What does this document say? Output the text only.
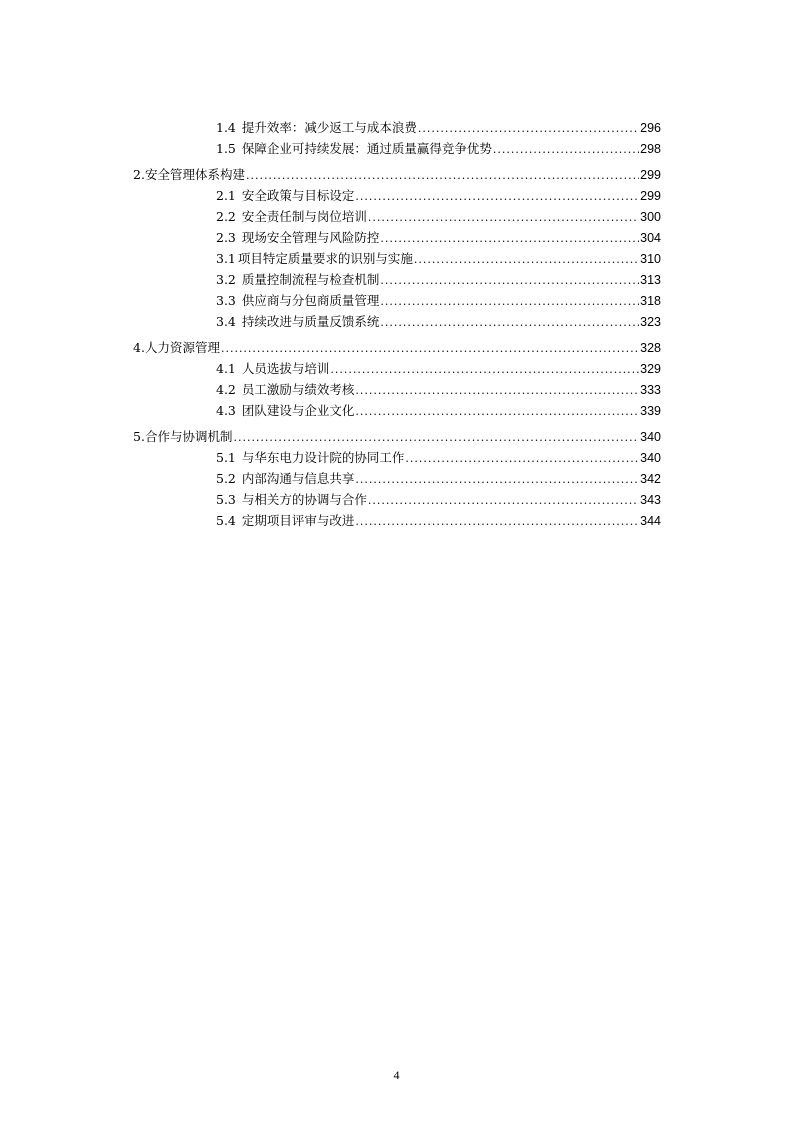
1.4 提升效率：减少返工与成本浪费 .....	296
1.5 保障企业可持续发展：通过质量赢得竞争优势 .....	298
2.安全管理体系构建 .....	299
2.1 安全政策与目标设定 .....	299
2.2 安全责任制与岗位培训 .....	300
2.3 现场安全管理与风险防控 .....	304
3.1 项目特定质量要求的识别与实施 .....	310
3.2 质量控制流程与检查机制 .....	313
3.3 供应商与分包商质量管理 .....	318
3.4 持续改进与质量反馈系统 .....	323
4.人力资源管理 .....	328
4.1 人员选拔与培训 .....	329
4.2 员工激励与绩效考核 .....	333
4.3 团队建设与企业文化 .....	339
5.合作与协调机制 .....	340
5.1 与华东电力设计院的协同工作 .....	340
5.2 内部沟通与信息共享 .....	342
5.3 与相关方的协调与合作 .....	343
5.4 定期项目评审与改进 .....	344
4
